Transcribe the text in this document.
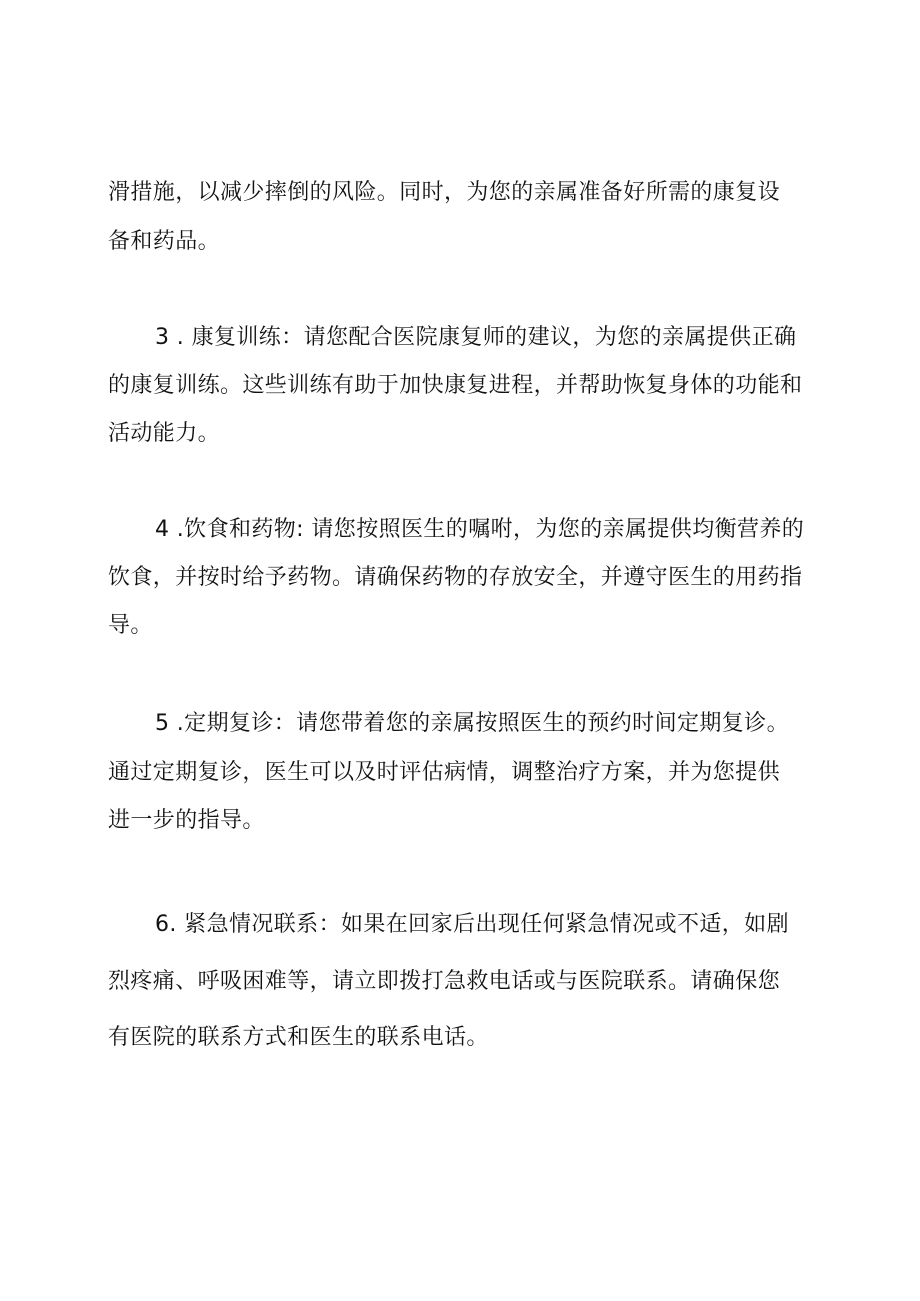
滑措施，以减少摔倒的风险。同时，为您的亲属准备好所需的康复设
备和药品。
3 . 康复训练：请您配合医院康复师的建议，为您的亲属提供正确
的康复训练。这些训练有助于加快康复进程，并帮助恢复身体的功能和
活动能力。
4 .饮食和药物: 请您按照医生的嘱咐，为您的亲属提供均衡营养的
饮食，并按时给予药物。请确保药物的存放安全，并遵守医生的用药指
导。
5 .定期复诊：请您带着您的亲属按照医生的预约时间定期复诊。
通过定期复诊，医生可以及时评估病情，调整治疗方案，并为您提供
进一步的指导。
6. 紧急情况联系：如果在回家后出现任何紧急情况或不适，如剧
烈疼痛、呼吸困难等，请立即拨打急救电话或与医院联系。请确保您
有医院的联系方式和医生的联系电话。
